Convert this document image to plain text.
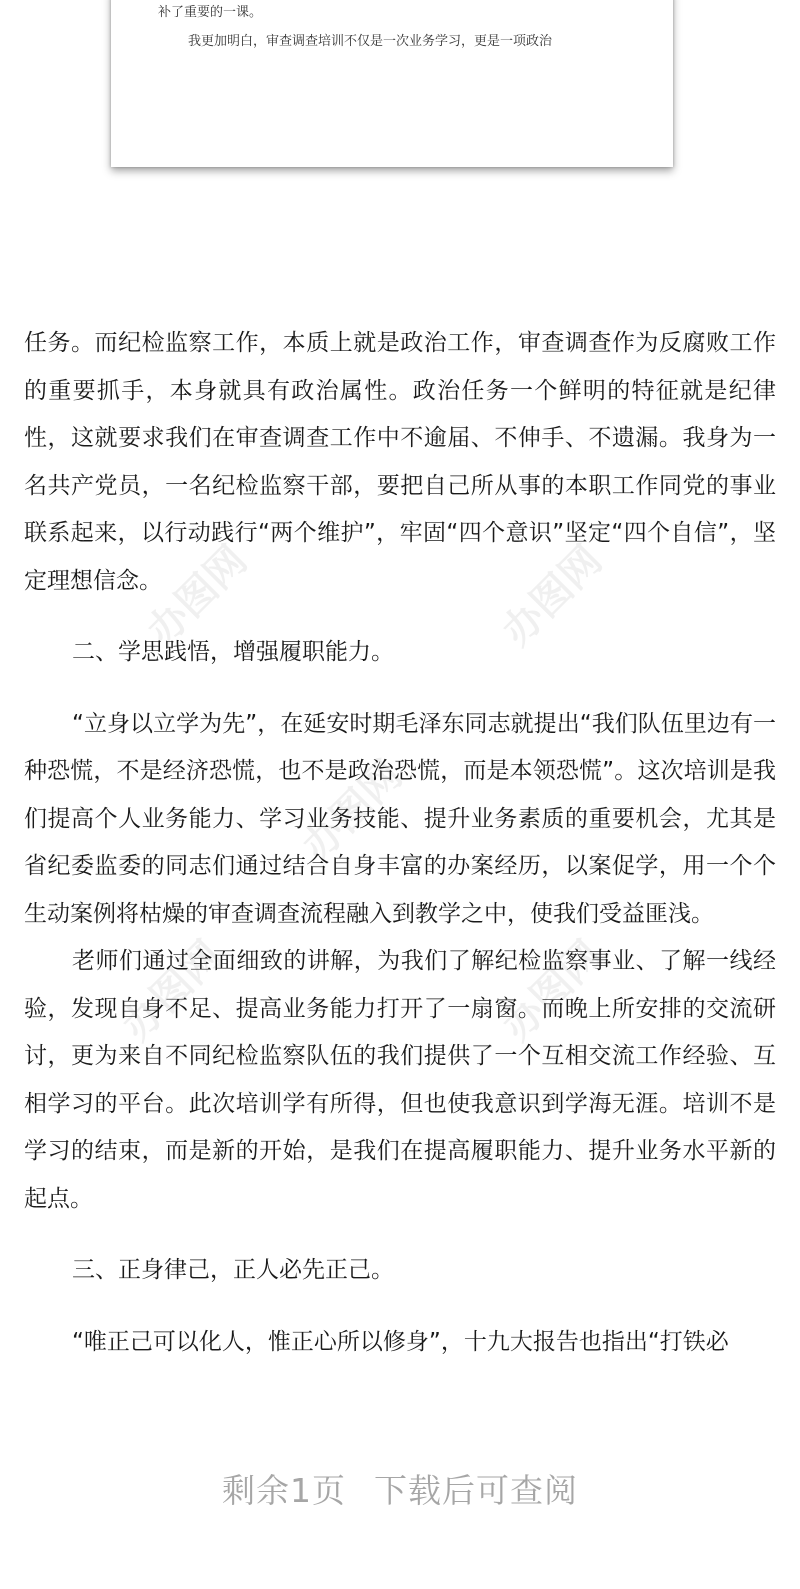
补了重要的一课。
我更加明白，审查调查培训不仅是一次业务学习，更是一项政治
办图网	办图网
办图网
办图网	办图网

任务。而纪检监察工作，本质上就是政治工作，审查调查作为反腐败工作的重要抓手，本身就具有政治属性。政治任务一个鲜明的特征就是纪律性，这就要求我们在审查调查工作中不逾届、不伸手、不遗漏。我身为一名共产党员，一名纪检监察干部，要把自己所从事的本职工作同党的事业联系起来，以行动践行“两个维护”，牢固“四个意识”坚定“四个自信”，坚定理想信念。

二、学思践悟，增强履职能力。

“立身以立学为先”，在延安时期毛泽东同志就提出“我们队伍里边有一种恐慌，不是经济恐慌，也不是政治恐慌，而是本领恐慌”。这次培训是我们提高个人业务能力、学习业务技能、提升业务素质的重要机会，尤其是省纪委监委的同志们通过结合自身丰富的办案经历，以案促学，用一个个生动案例将枯燥的审查调查流程融入到教学之中，使我们受益匪浅。

老师们通过全面细致的讲解，为我们了解纪检监察事业、了解一线经验，发现自身不足、提高业务能力打开了一扇窗。而晚上所安排的交流研讨，更为来自不同纪检监察队伍的我们提供了一个互相交流工作经验、互相学习的平台。此次培训学有所得，但也使我意识到学海无涯。培训不是学习的结束，而是新的开始，是我们在提高履职能力、提升业务水平新的起点。

三、正身律己，正人必先正己。

“唯正己可以化人，惟正心所以修身”，十九大报告也指出“打铁必

剩余1页 下载后可查阅
